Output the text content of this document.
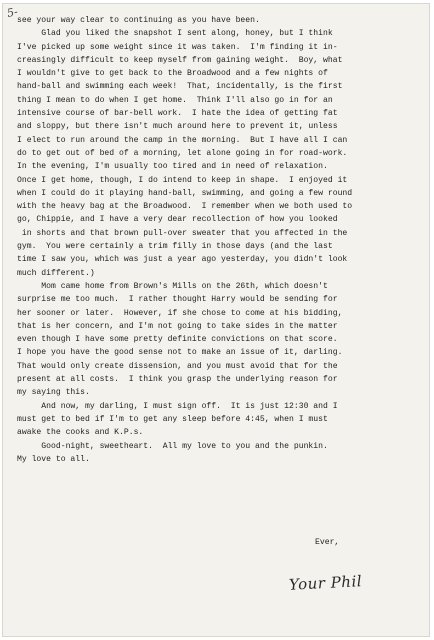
5-
see your way clear to continuing as you have been.
Glad you liked the snapshot I sent along, honey, but I think
I've picked up some weight since it was taken.  I'm finding it in-
creasingly difficult to keep myself from gaining weight.  Boy, what
I wouldn't give to get back to the Broadwood and a few nights of
hand-ball and swimming each week!  That, incidentally, is the first
thing I mean to do when I get home.  Think I'll also go in for an
intensive course of bar-bell work.  I hate the idea of getting fat
and sloppy, but there isn't much around here to prevent it, unless
I elect to run around the camp in the morning.  But I have all I can
do to get out of bed of a morning, let alone going in for road-work.
In the evening, I'm usually too tired and in need of relaxation.
Once I get home, though, I do intend to keep in shape.  I enjoyed it
when I could do it playing hand-ball, swimming, and going a few round
with the heavy bag at the Broadwood.  I remember when we both used to
go, Chippie, and I have a very dear recollection of how you looked
in shorts and that brown pull-over sweater that you affected in the
gym.  You were certainly a trim filly in those days (and the last
time I saw you, which was just a year ago yesterday, you didn't look
much different.)
Mom came home from Brown's Mills on the 26th, which doesn't
surprise me too much.  I rather thought Harry would be sending for
her sooner or later.  However, if she chose to come at his bidding,
that is her concern, and I'm not going to take sides in the matter
even though I have some pretty definite convictions on that score.
I hope you have the good sense not to make an issue of it, darling.
That would only create dissension, and you must avoid that for the
present at all costs.  I think you grasp the underlying reason for
my saying this.
And now, my darling, I must sign off.  It is just 12:30 and I
must get to bed if I'm to get any sleep before 4:45, when I must
awake the cooks and K.P.s.
Good-night, sweetheart.  All my love to you and the punkin.
My love to all.
Ever,
Your Phil
